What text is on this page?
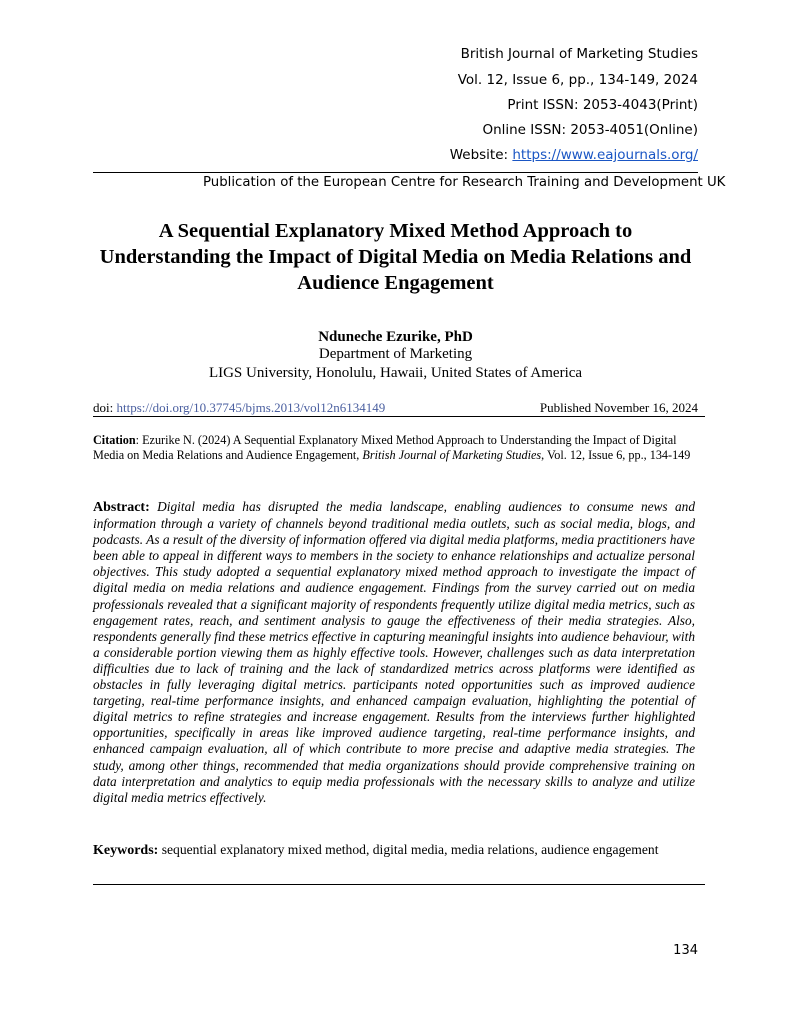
British Journal of Marketing Studies
Vol. 12, Issue 6, pp., 134-149, 2024
Print ISSN: 2053-4043(Print)
Online ISSN: 2053-4051(Online)
Website: https://www.eajournals.org/
Publication of the European Centre for Research Training and Development UK
A Sequential Explanatory Mixed Method Approach to Understanding the Impact of Digital Media on Media Relations and Audience Engagement
Nduneche Ezurike, PhD
Department of Marketing
LIGS University, Honolulu, Hawaii, United States of America
doi: https://doi.org/10.37745/bjms.2013/vol12n6134149	Published November 16, 2024
Citation: Ezurike N. (2024) A Sequential Explanatory Mixed Method Approach to Understanding the Impact of Digital Media on Media Relations and Audience Engagement, British Journal of Marketing Studies, Vol. 12, Issue 6, pp., 134-149
Abstract: Digital media has disrupted the media landscape, enabling audiences to consume news and information through a variety of channels beyond traditional media outlets, such as social media, blogs, and podcasts. As a result of the diversity of information offered via digital media platforms, media practitioners have been able to appeal in different ways to members in the society to enhance relationships and actualize personal objectives. This study adopted a sequential explanatory mixed method approach to investigate the impact of digital media on media relations and audience engagement. Findings from the survey carried out on media professionals revealed that a significant majority of respondents frequently utilize digital media metrics, such as engagement rates, reach, and sentiment analysis to gauge the effectiveness of their media strategies. Also, respondents generally find these metrics effective in capturing meaningful insights into audience behaviour, with a considerable portion viewing them as highly effective tools. However, challenges such as data interpretation difficulties due to lack of training and the lack of standardized metrics across platforms were identified as obstacles in fully leveraging digital metrics. participants noted opportunities such as improved audience targeting, real-time performance insights, and enhanced campaign evaluation, highlighting the potential of digital metrics to refine strategies and increase engagement. Results from the interviews further highlighted opportunities, specifically in areas like improved audience targeting, real-time performance insights, and enhanced campaign evaluation, all of which contribute to more precise and adaptive media strategies. The study, among other things, recommended that media organizations should provide comprehensive training on data interpretation and analytics to equip media professionals with the necessary skills to analyze and utilize digital media metrics effectively.
Keywords: sequential explanatory mixed method, digital media, media relations, audience engagement
134
